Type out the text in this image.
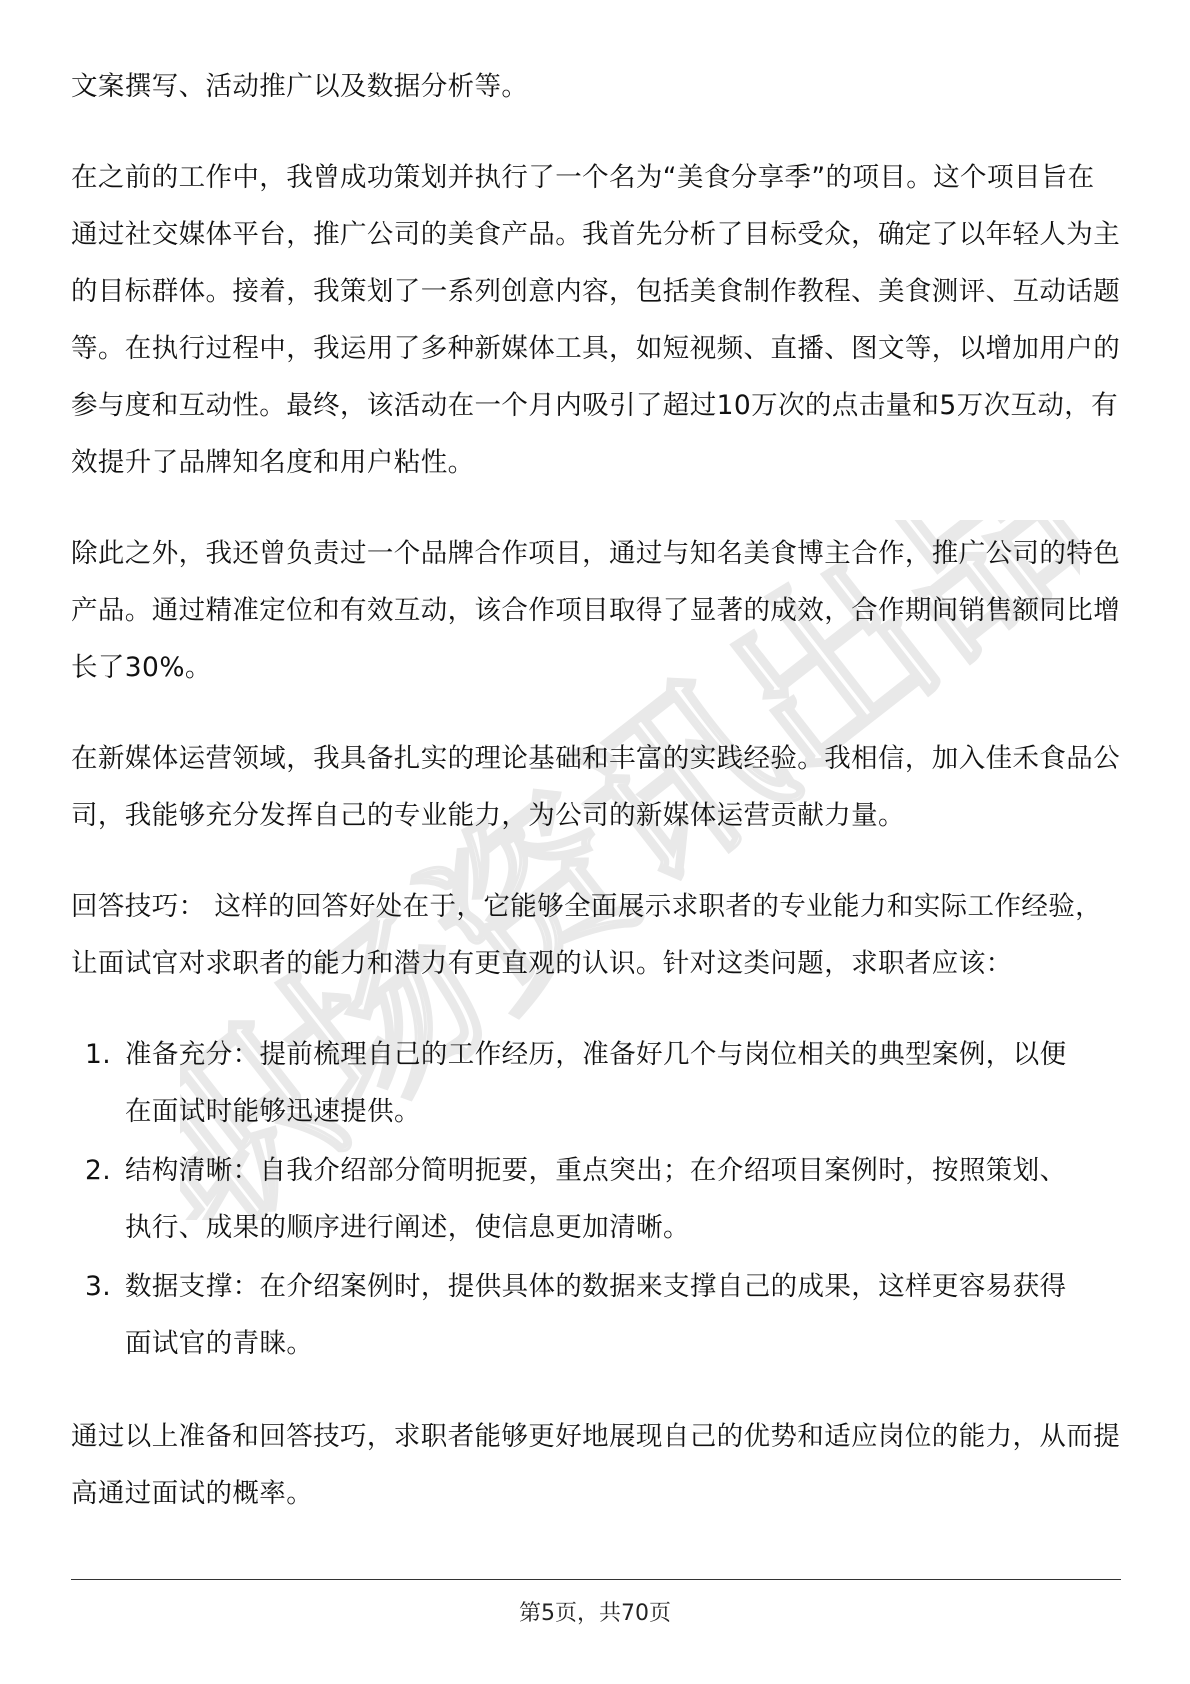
职场资讯出品

文案撰写、活动推广以及数据分析等。

在之前的工作中，我曾成功策划并执行了一个名为“美食分享季”的项目。这个项目旨在通过社交媒体平台，推广公司的美食产品。我首先分析了目标受众，确定了以年轻人为主的目标群体。接着，我策划了一系列创意内容，包括美食制作教程、美食测评、互动话题等。在执行过程中，我运用了多种新媒体工具，如短视频、直播、图文等，以增加用户的参与度和互动性。最终，该活动在一个月内吸引了超过10万次的点击量和5万次互动，有效提升了品牌知名度和用户粘性。

除此之外，我还曾负责过一个品牌合作项目，通过与知名美食博主合作，推广公司的特色产品。通过精准定位和有效互动，该合作项目取得了显著的成效，合作期间销售额同比增长了30%。

在新媒体运营领域，我具备扎实的理论基础和丰富的实践经验。我相信，加入佳禾食品公司，我能够充分发挥自己的专业能力，为公司的新媒体运营贡献力量。

回答技巧： 这样的回答好处在于，它能够全面展示求职者的专业能力和实际工作经验，让面试官对求职者的能力和潜力有更直观的认识。针对这类问题，求职者应该：

1. 准备充分：提前梳理自己的工作经历，准备好几个与岗位相关的典型案例，以便在面试时能够迅速提供。
2. 结构清晰：自我介绍部分简明扼要，重点突出；在介绍项目案例时，按照策划、执行、成果的顺序进行阐述，使信息更加清晰。
3. 数据支撑：在介绍案例时，提供具体的数据来支撑自己的成果，这样更容易获得面试官的青睐。

通过以上准备和回答技巧，求职者能够更好地展现自己的优势和适应岗位的能力，从而提高通过面试的概率。

第5页，共70页
